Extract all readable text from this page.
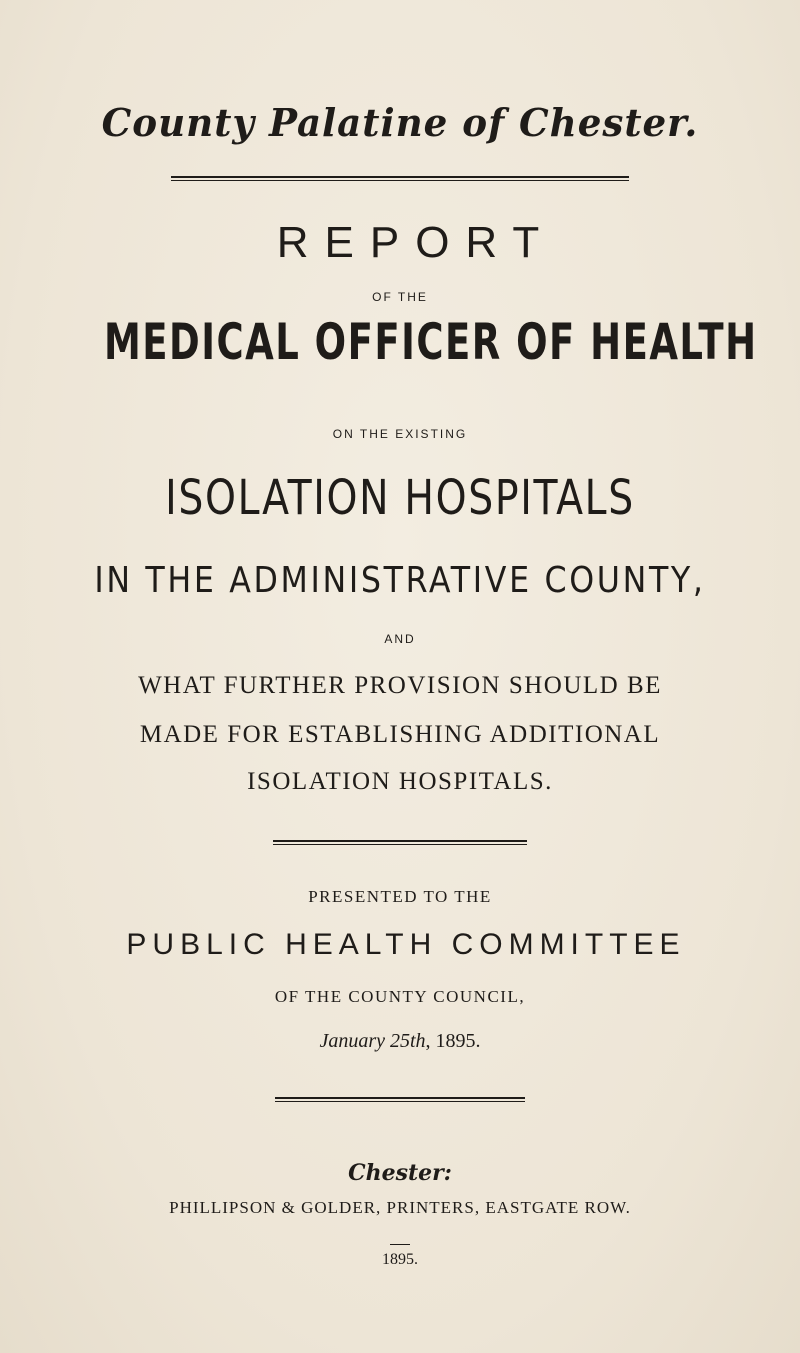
County Palatine of Chester.
REPORT
OF THE
MEDICAL OFFICER OF HEALTH
ON THE EXISTING
ISOLATION HOSPITALS
IN THE ADMINISTRATIVE COUNTY,
AND
WHAT FURTHER PROVISION SHOULD BE
MADE FOR ESTABLISHING ADDITIONAL
ISOLATION HOSPITALS.
PRESENTED TO THE
PUBLIC HEALTH COMMITTEE
OF THE COUNTY COUNCIL,
January 25th, 1895.
Chester:
PHILLIPSON & GOLDER, PRINTERS, EASTGATE ROW.
1895.
